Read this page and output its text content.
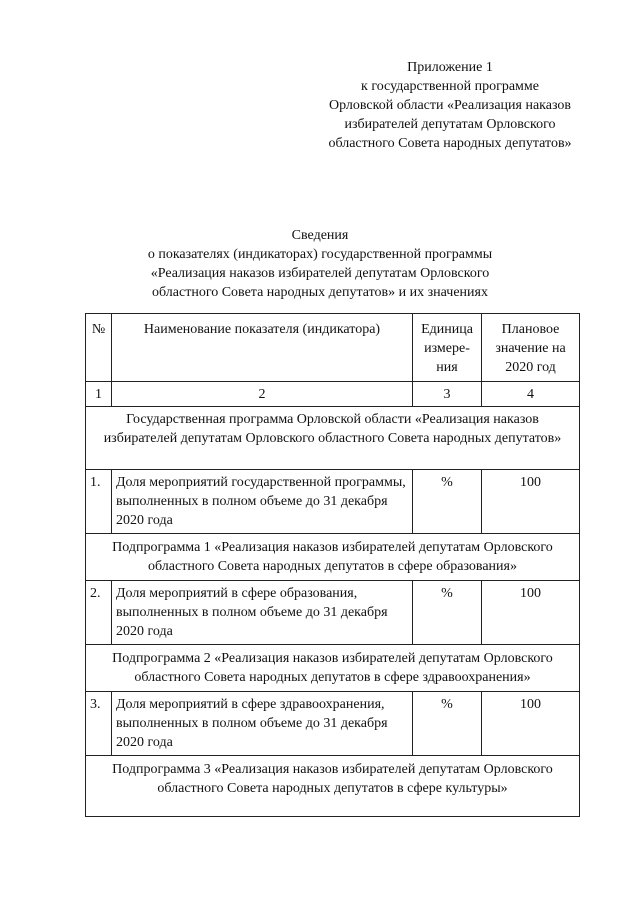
Приложение 1
к государственной программе
Орловской области «Реализация наказов
избирателей депутатам Орловского
областного Совета народных депутатов»
Сведения
о показателях (индикаторах) государственной программы
«Реализация наказов избирателей депутатам Орловского
областного Совета народных депутатов» и их значениях
№	Наименование показателя (индикатора)	Единица измере-ния	Плановое значение на 2020 год
1	2	3	4
Государственная программа Орловской области «Реализация наказов избирателей депутатам Орловского областного Совета народных депутатов»			
1.	Доля мероприятий государственной программы, выполненных в полном объеме до 31 декабря 2020 года	%	100
Подпрограмма 1 «Реализация наказов избирателей депутатам Орловского областного Совета народных депутатов в сфере образования»			
2.	Доля мероприятий в сфере образования, выполненных в полном объеме до 31 декабря 2020 года	%	100
Подпрограмма 2 «Реализация наказов избирателей депутатам Орловского областного Совета народных депутатов в сфере здравоохранения»			
3.	Доля мероприятий в сфере здравоохранения, выполненных в полном объеме до 31 декабря 2020 года	%	100
Подпрограмма 3 «Реализация наказов избирателей депутатам Орловского областного Совета народных депутатов в сфере культуры»			
